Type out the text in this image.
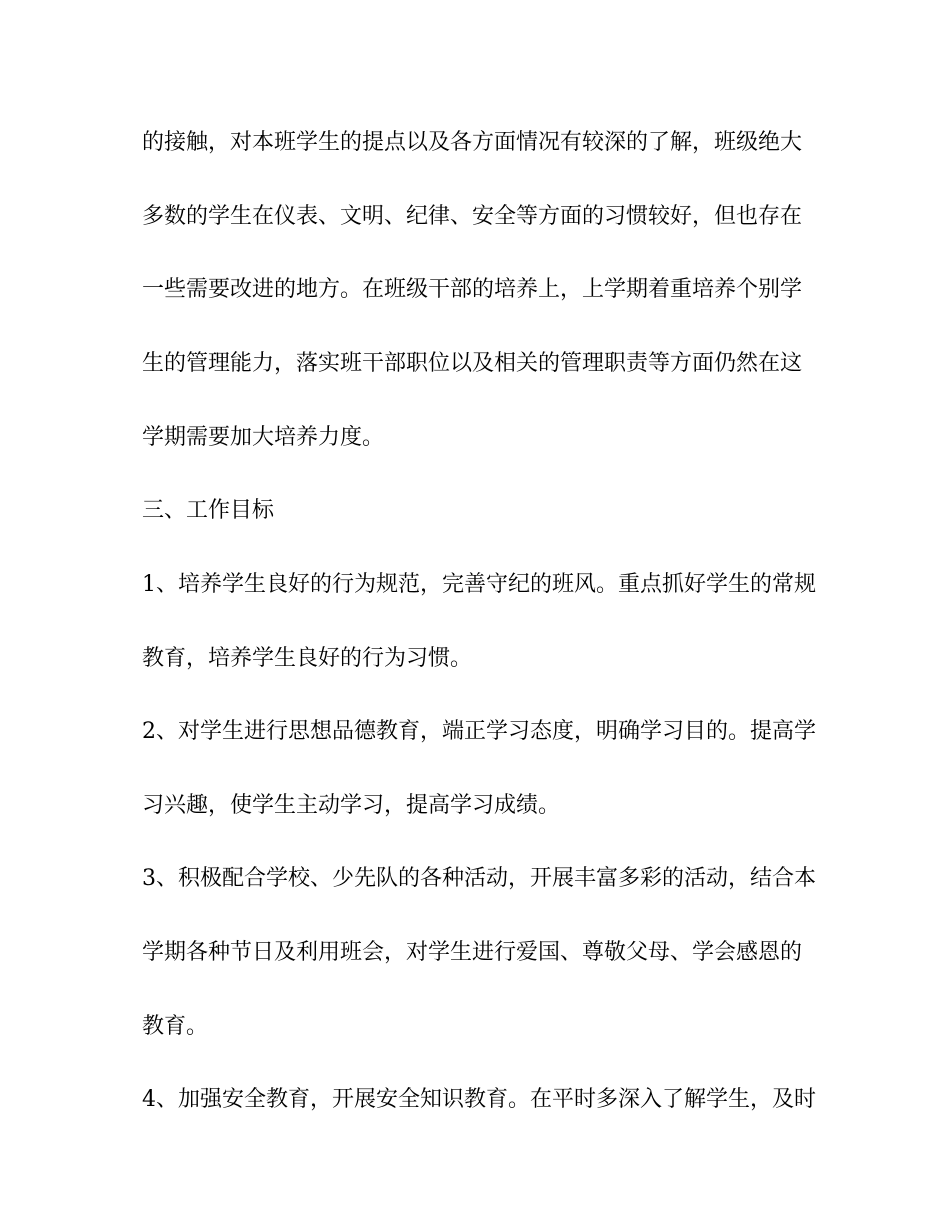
的接触，对本班学生的提点以及各方面情况有较深的了解，班级绝大
多数的学生在仪表、文明、纪律、安全等方面的习惯较好，但也存在
一些需要改进的地方。在班级干部的培养上，上学期着重培养个别学
生的管理能力，落实班干部职位以及相关的管理职责等方面仍然在这
学期需要加大培养力度。
三、工作目标
1、培养学生良好的行为规范，完善守纪的班风。重点抓好学生的常规
教育，培养学生良好的行为习惯。
2、对学生进行思想品德教育，端正学习态度，明确学习目的。提高学
习兴趣，使学生主动学习，提高学习成绩。
3、积极配合学校、少先队的各种活动，开展丰富多彩的活动，结合本
学期各种节日及利用班会，对学生进行爱国、尊敬父母、学会感恩的
教育。
4、加强安全教育，开展安全知识教育。在平时多深入了解学生，及时
